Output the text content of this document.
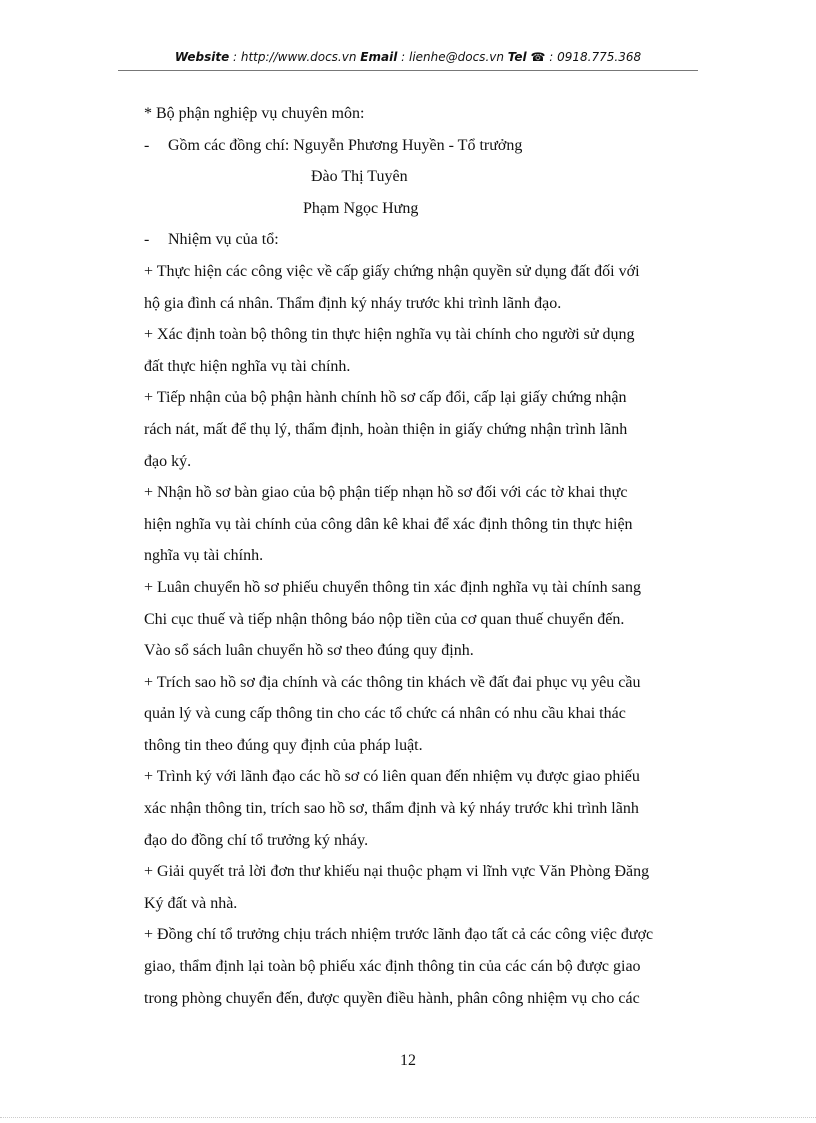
Website : http://www.docs.vn Email : lienhe@docs.vn Tel ☎ : 0918.775.368
* Bộ phận nghiệp vụ chuyên môn:
-	Gồm các đồng chí: Nguyễn Phương Huyền - Tổ trưởng
Đào Thị Tuyên
Phạm Ngọc Hưng
-	Nhiệm vụ của tổ:
+ Thực hiện các công việc về cấp giấy chứng nhận quyền sử dụng đất đối với
hộ gia đình cá nhân. Thẩm định ký nháy trước khi trình lãnh đạo.
+ Xác định toàn bộ thông tin thực hiện nghĩa vụ tài chính cho người sử dụng
đất thực hiện nghĩa vụ tài chính.
+ Tiếp nhận của bộ phận hành chính hồ sơ cấp đổi, cấp lại giấy chứng nhận
rách nát, mất để thụ lý, thẩm định, hoàn thiện in giấy chứng nhận trình lãnh
đạo ký.
+ Nhận hồ sơ bàn giao của bộ phận tiếp nhạn hồ sơ đối với các tờ khai thực
hiện nghĩa vụ tài chính của công dân kê khai để xác định thông tin thực hiện
nghĩa vụ tài chính.
+ Luân chuyển hồ sơ phiếu chuyển thông tin xác định nghĩa vụ tài chính sang
Chi cục thuế và tiếp nhận thông báo nộp tiền của cơ quan thuế chuyển đến.
Vào sổ sách luân chuyển hồ sơ theo đúng quy định.
+ Trích sao hồ sơ địa chính và các thông tin khách về đất đai phục vụ yêu cầu
quản lý và cung cấp thông tin cho các tổ chức cá nhân có nhu cầu khai thác
thông tin theo đúng quy định của pháp luật.
+ Trình ký với lãnh đạo các hồ sơ có liên quan đến nhiệm vụ được giao phiếu
xác nhận thông tin, trích sao hồ sơ, thẩm định và ký nháy trước khi trình lãnh
đạo do đồng chí tổ trưởng ký nháy.
+ Giải quyết trả lời đơn thư khiếu nại thuộc phạm vi lĩnh vực Văn Phòng Đăng
Ký đất và nhà.
+ Đồng chí tổ trưởng chịu trách nhiệm trước lãnh đạo tất cả các công việc được
giao, thẩm định lại toàn bộ phiếu xác định thông tin của các cán bộ được giao
trong phòng chuyển đến, được quyền điều hành, phân công nhiệm vụ cho các
12
